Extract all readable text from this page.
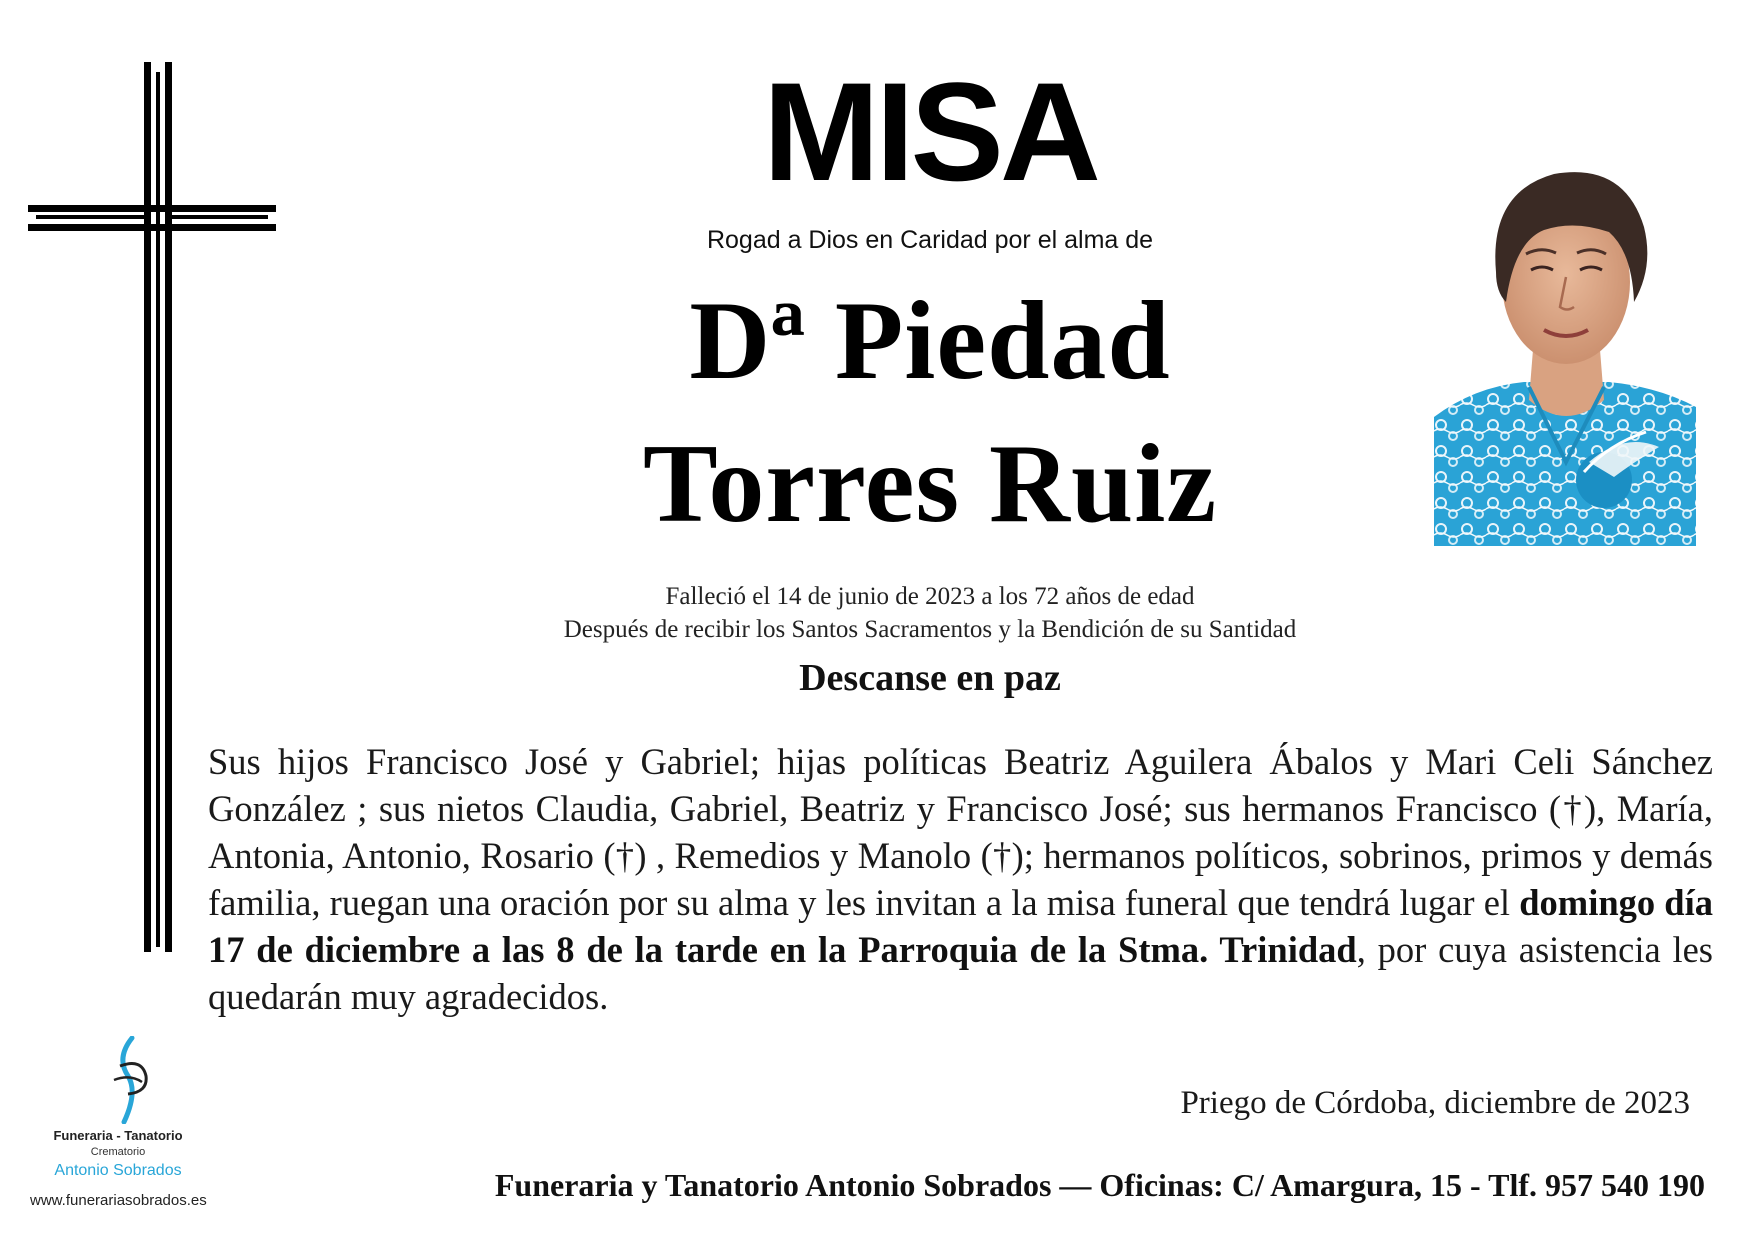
MISA
Rogad a Dios en Caridad por el alma de
Dª Piedad
Torres Ruiz
Falleció el 14 de junio de 2023 a los 72 años de edad
Después de recibir los Santos Sacramentos y la Bendición de su Santidad
Descanse en paz
Sus hijos Francisco José y Gabriel; hijas políticas Beatriz Aguilera Ábalos y Mari Celi Sánchez González ; sus nietos Claudia, Gabriel, Beatriz y Francisco José; sus hermanos Francisco (†), María, Antonia, Antonio, Rosario (†) , Remedios y Manolo (†); hermanos políticos, sobrinos, primos y demás familia, ruegan una oración por su alma y les invitan a la misa funeral que tendrá lugar el domingo día 17 de diciembre a las 8 de la tarde en la Parroquia de la Stma. Trinidad, por cuya asistencia les quedarán muy agradecidos.
Priego de Córdoba, diciembre de 2023
Funeraria y Tanatorio Antonio Sobrados — Oficinas: C/ Amargura, 15 - Tlf. 957 540 190
Funeraria - Tanatorio
Crematorio
Antonio Sobrados
www.funerariasobrados.es
